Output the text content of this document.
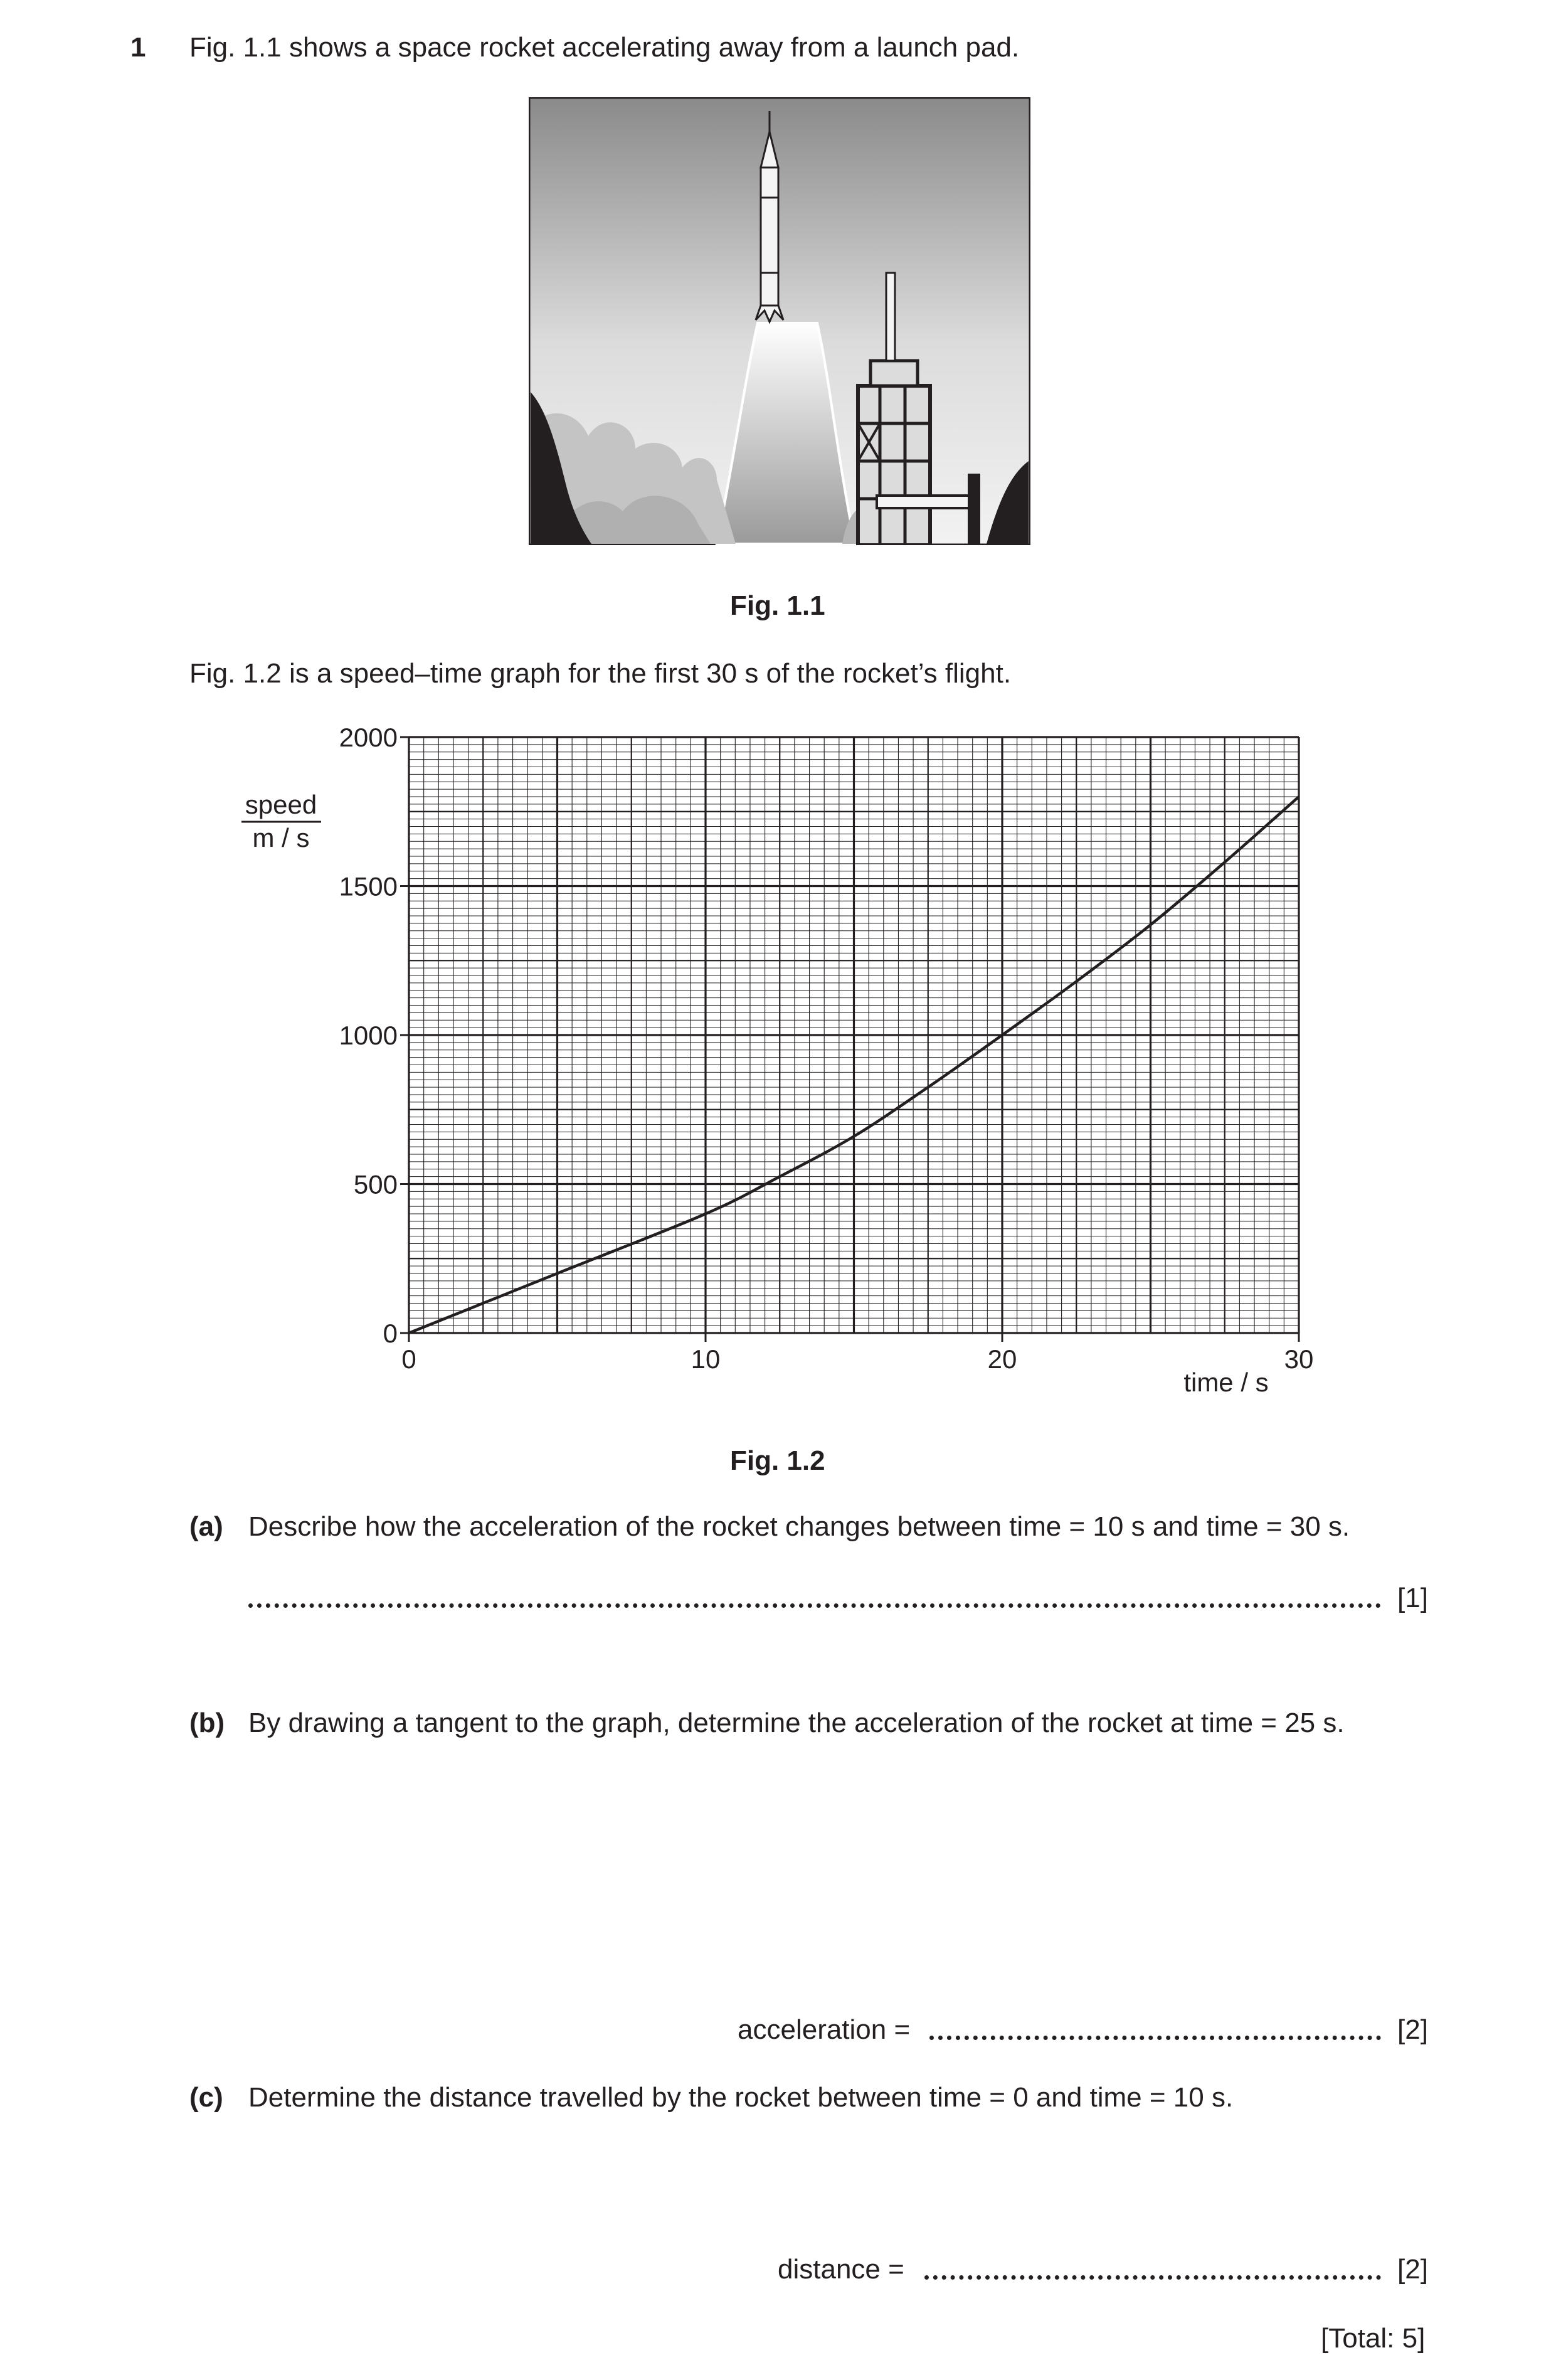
1 Fig. 1.1 shows a space rocket accelerating away from a launch pad.
Fig. 1.1
Fig. 1.2 is a speed–time graph for the first 30 s of the rocket’s flight.
0
500
1000
1500
2000
0	10	20	30
speed
m / s
time / s
Fig. 1.2
(a) Describe how the acceleration of the rocket changes between time = 10 s and time = 30 s.
[1]
(b) By drawing a tangent to the graph, determine the acceleration of the rocket at time = 25 s.
acceleration =	[2]
(c) Determine the distance travelled by the rocket between time = 0 and time = 10 s.
distance =	[2]
[Total: 5]
